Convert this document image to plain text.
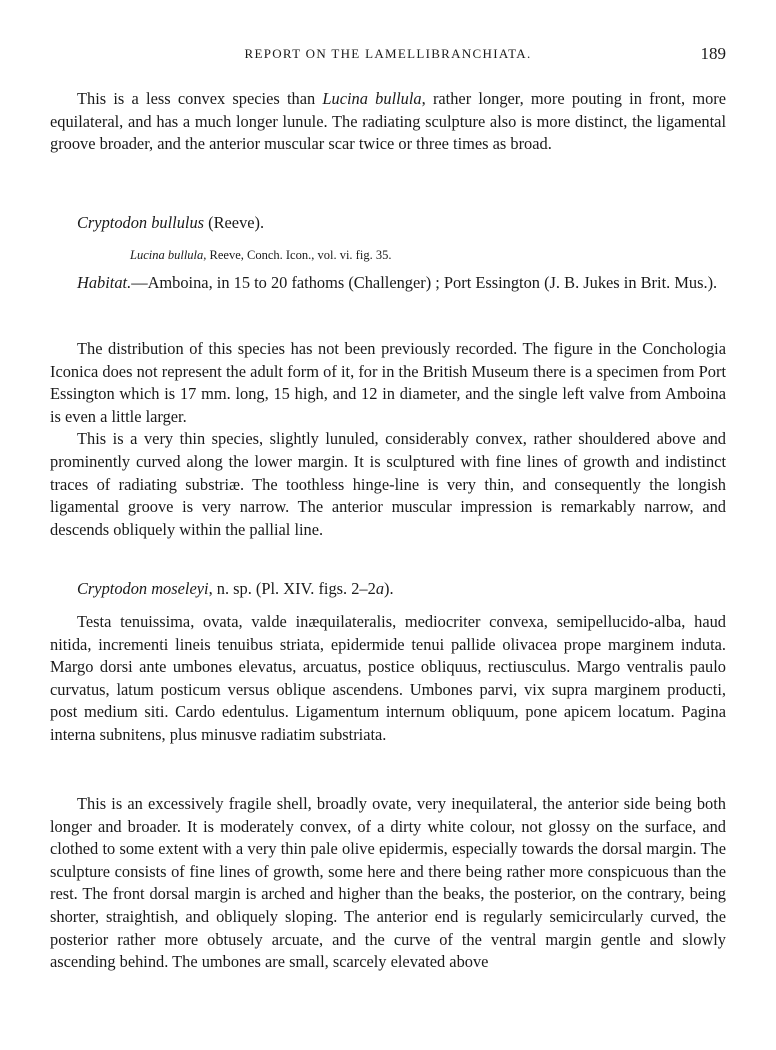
REPORT ON THE LAMELLIBRANCHIATA.	189

This is a less convex species than Lucina bullula, rather longer, more pouting in front, more equilateral, and has a much longer lunule. The radiating sculpture also is more distinct, the ligamental groove broader, and the anterior muscular scar twice or three times as broad.

Cryptodon bullulus (Reeve).
Lucina bullula, Reeve, Conch. Icon., vol. vi. fig. 35.

Habitat.—Amboina, in 15 to 20 fathoms (Challenger) ; Port Essington (J. B. Jukes in Brit. Mus.).

The distribution of this species has not been previously recorded. The figure in the Conchologia Iconica does not represent the adult form of it, for in the British Museum there is a specimen from Port Essington which is 17 mm. long, 15 high, and 12 in diameter, and the single left valve from Amboina is even a little larger.

This is a very thin species, slightly lunuled, considerably convex, rather shouldered above and prominently curved along the lower margin. It is sculptured with fine lines of growth and indistinct traces of radiating substriæ. The toothless hinge-line is very thin, and consequently the longish ligamental groove is very narrow. The anterior muscular impression is remarkably narrow, and descends obliquely within the pallial line.

Cryptodon moseleyi, n. sp. (Pl. XIV. figs. 2–2a).

Testa tenuissima, ovata, valde inæquilateralis, mediocriter convexa, semipellucido-alba, haud nitida, incrementi lineis tenuibus striata, epidermide tenui pallide olivacea prope marginem induta. Margo dorsi ante umbones elevatus, arcuatus, postice obliquus, rectiusculus. Margo ventralis paulo curvatus, latum posticum versus oblique ascendens. Umbones parvi, vix supra marginem producti, post medium siti. Cardo edentulus. Ligamentum internum obliquum, pone apicem locatum. Pagina interna subnitens, plus minusve radiatim substriata.

This is an excessively fragile shell, broadly ovate, very inequilateral, the anterior side being both longer and broader. It is moderately convex, of a dirty white colour, not glossy on the surface, and clothed to some extent with a very thin pale olive epidermis, especially towards the dorsal margin. The sculpture consists of fine lines of growth, some here and there being rather more conspicuous than the rest. The front dorsal margin is arched and higher than the beaks, the posterior, on the contrary, being shorter, straightish, and obliquely sloping. The anterior end is regularly semicircularly curved, the posterior rather more obtusely arcuate, and the curve of the ventral margin gentle and slowly ascending behind. The umbones are small, scarcely elevated above
